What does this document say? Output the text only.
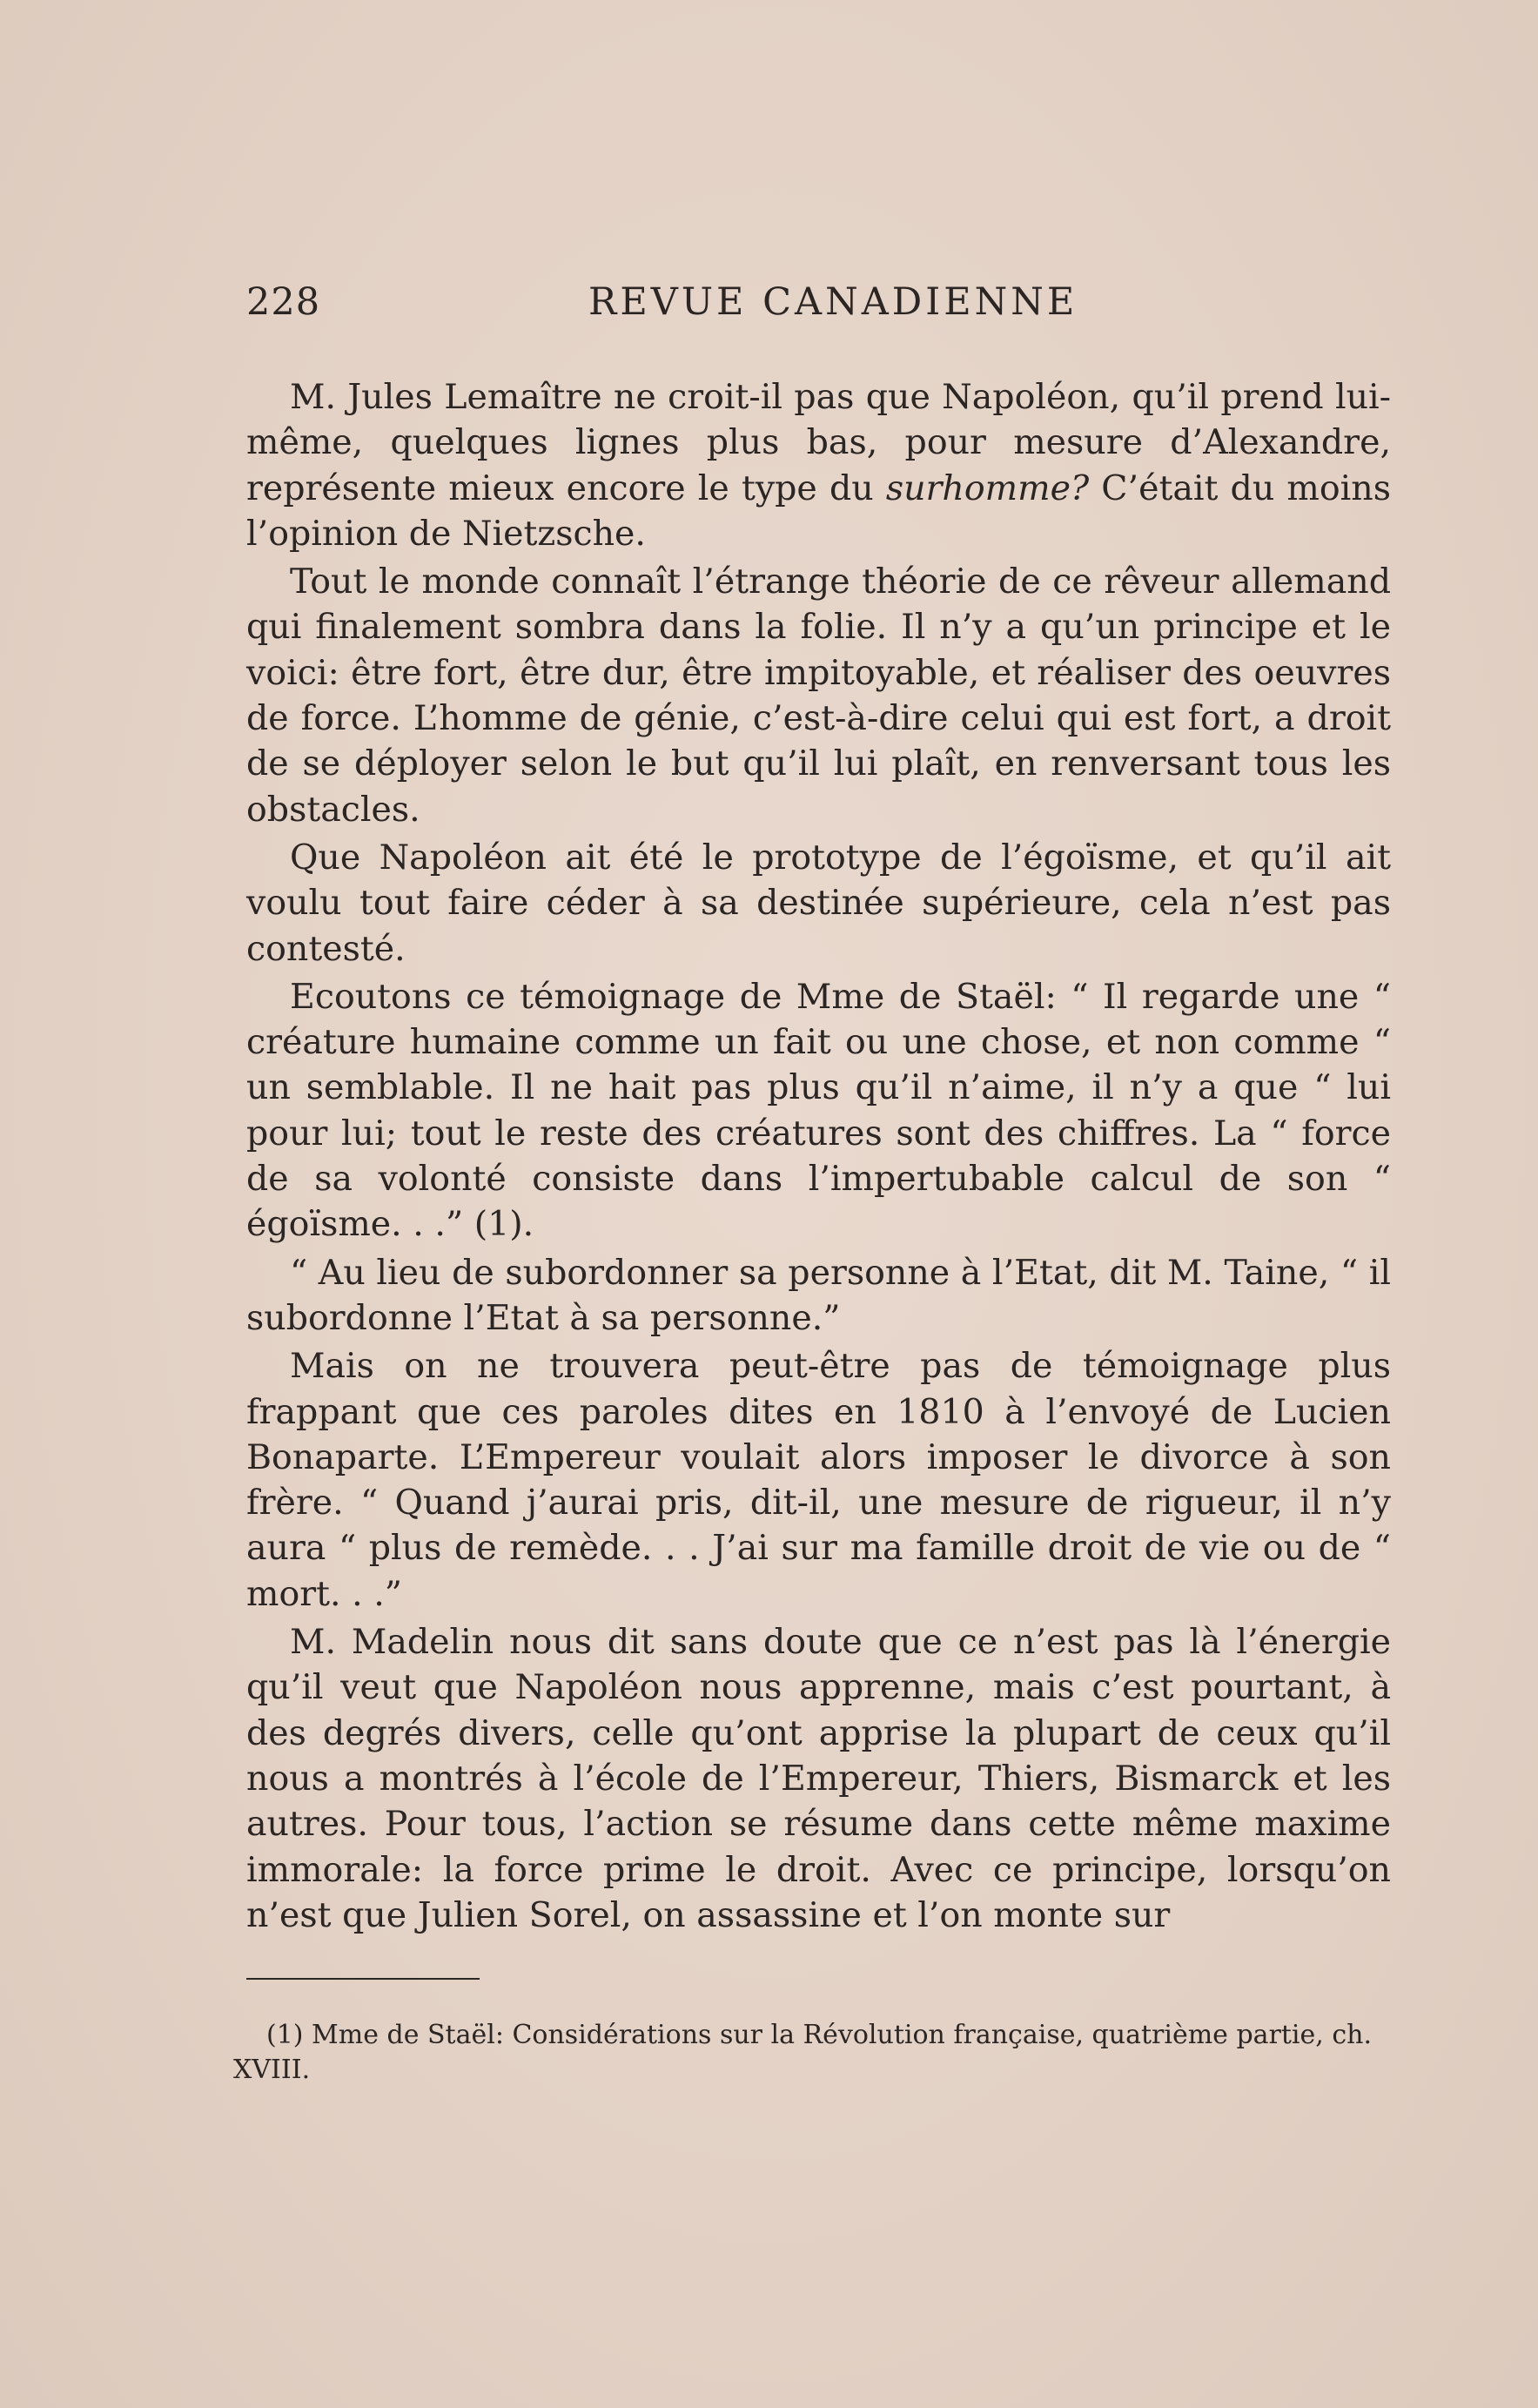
228	REVUE CANADIENNE

M. Jules Lemaître ne croit-il pas que Napoléon, qu’il prend lui-même, quelques lignes plus bas, pour mesure d’Alexandre, représente mieux encore le type du surhomme? C’était du moins l’opinion de Nietzsche.

Tout le monde connaît l’étrange théorie de ce rêveur allemand qui finalement sombra dans la folie. Il n’y a qu’un principe et le voici: être fort, être dur, être impitoyable, et réaliser des oeuvres de force. L’homme de génie, c’est-à-dire celui qui est fort, a droit de se déployer selon le but qu’il lui plaît, en renversant tous les obstacles.

Que Napoléon ait été le prototype de l’égoïsme, et qu’il ait voulu tout faire céder à sa destinée supérieure, cela n’est pas contesté.

Ecoutons ce témoignage de Mme de Staël: “ Il regarde une “ créature humaine comme un fait ou une chose, et non comme “ un semblable. Il ne hait pas plus qu’il n’aime, il n’y a que “ lui pour lui; tout le reste des créatures sont des chiffres. La “ force de sa volonté consiste dans l’impertubable calcul de son “ égoïsme. . .” (1).

“ Au lieu de subordonner sa personne à l’Etat, dit M. Taine, “ il subordonne l’Etat à sa personne.”

Mais on ne trouvera peut-être pas de témoignage plus frappant que ces paroles dites en 1810 à l’envoyé de Lucien Bonaparte. L’Empereur voulait alors imposer le divorce à son frère. “ Quand j’aurai pris, dit-il, une mesure de rigueur, il n’y aura “ plus de remède. . . J’ai sur ma famille droit de vie ou de “ mort. . .”

M. Madelin nous dit sans doute que ce n’est pas là l’énergie qu’il veut que Napoléon nous apprenne, mais c’est pourtant, à des degrés divers, celle qu’ont apprise la plupart de ceux qu’il nous a montrés à l’école de l’Empereur, Thiers, Bismarck et les autres. Pour tous, l’action se résume dans cette même maxime immorale: la force prime le droit. Avec ce principe, lorsqu’on n’est que Julien Sorel, on assassine et l’on monte sur

(1) Mme de Staël: Considérations sur la Révolution française, quatrième partie, ch. XVIII.
